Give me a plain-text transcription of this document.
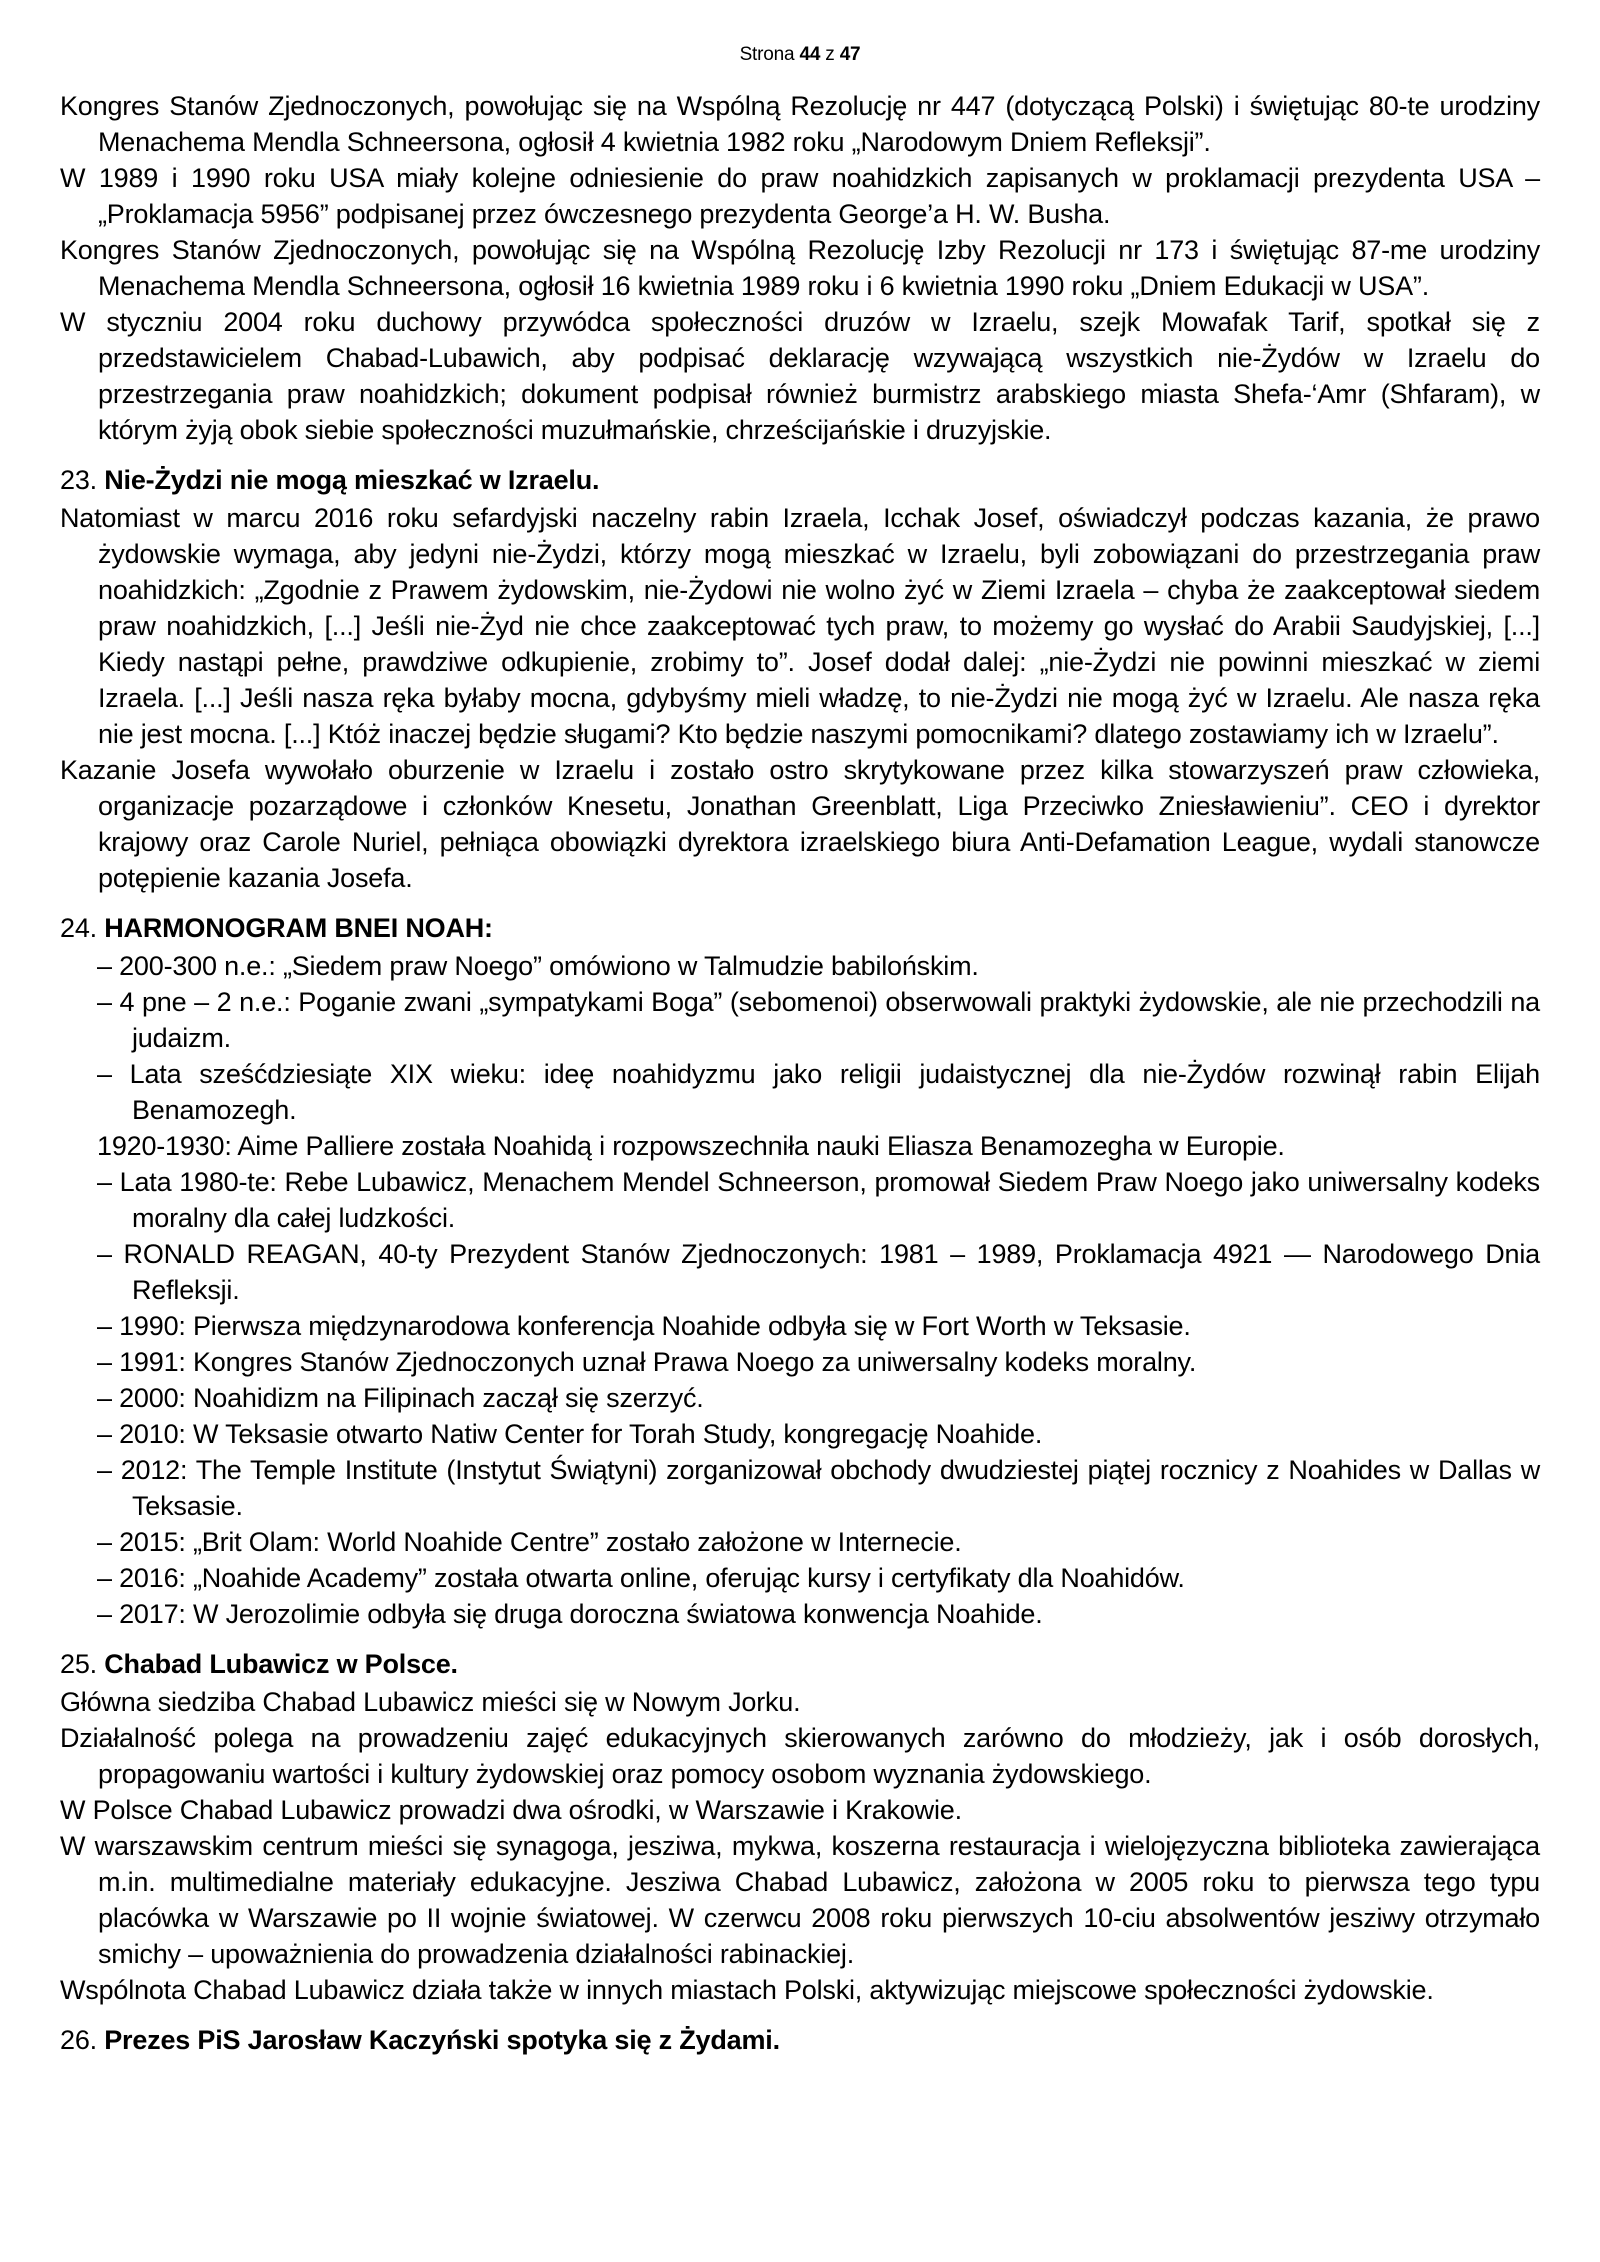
Strona 44 z 47

Kongres Stanów Zjednoczonych, powołując się na Wspólną Rezolucję nr 447 (dotyczącą Polski) i świętując 80-te urodziny Menachema Mendla Schneersona, ogłosił 4 kwietnia 1982 roku „Narodowym Dniem Refleksji”.

W 1989 i 1990 roku USA miały kolejne odniesienie do praw noahidzkich zapisanych w proklamacji prezydenta USA – „Proklamacja 5956” podpisanej przez ówczesnego prezydenta George’a H. W. Busha.

Kongres Stanów Zjednoczonych, powołując się na Wspólną Rezolucję Izby Rezolucji nr 173 i świętując 87-me urodziny Menachema Mendla Schneersona, ogłosił 16 kwietnia 1989 roku i 6 kwietnia 1990 roku „Dniem Edukacji w USA”.

W styczniu 2004 roku duchowy przywódca społeczności druzów w Izraelu, szejk Mowafak Tarif, spotkał się z przedstawicielem Chabad-Lubawich, aby podpisać deklarację wzywającą wszystkich nie-Żydów w Izraelu do przestrzegania praw noahidzkich; dokument podpisał również burmistrz arabskiego miasta Shefa-‘Amr (Shfaram), w którym żyją obok siebie społeczności muzułmańskie, chrześcijańskie i druzyjskie.

23. Nie-Żydzi nie mogą mieszkać w Izraelu.

Natomiast w marcu 2016 roku sefardyjski naczelny rabin Izraela, Icchak Josef, oświadczył podczas kazania, że prawo żydowskie wymaga, aby jedyni nie-Żydzi, którzy mogą mieszkać w Izraelu, byli zobowiązani do przestrzegania praw noahidzkich: „Zgodnie z Prawem żydowskim, nie-Żydowi nie wolno żyć w Ziemi Izraela – chyba że zaakceptował siedem praw noahidzkich, [...] Jeśli nie-Żyd nie chce zaakceptować tych praw, to możemy go wysłać do Arabii Saudyjskiej, [...] Kiedy nastąpi pełne, prawdziwe odkupienie, zrobimy to”. Josef dodał dalej: „nie-Żydzi nie powinni mieszkać w ziemi Izraela. [...] Jeśli nasza ręka byłaby mocna, gdybyśmy mieli władzę, to nie-Żydzi nie mogą żyć w Izraelu. Ale nasza ręka nie jest mocna. [...] Któż inaczej będzie sługami? Kto będzie naszymi pomocnikami? dlatego zostawiamy ich w Izraelu”.

Kazanie Josefa wywołało oburzenie w Izraelu i zostało ostro skrytykowane przez kilka stowarzyszeń praw człowieka, organizacje pozarządowe i członków Knesetu, Jonathan Greenblatt, Liga Przeciwko Zniesławieniu”. CEO i dyrektor krajowy oraz Carole Nuriel, pełniąca obowiązki dyrektora izraelskiego biura Anti-Defamation League, wydali stanowcze potępienie kazania Josefa.

24. HARMONOGRAM BNEI NOAH:

– 200-300 n.e.: „Siedem praw Noego” omówiono w Talmudzie babilońskim.

– 4 pne – 2 n.e.: Poganie zwani „sympatykami Boga” (sebomenoi) obserwowali praktyki żydowskie, ale nie przechodzili na judaizm.

– Lata sześćdziesiąte XIX wieku: ideę noahidyzmu jako religii judaistycznej dla nie-Żydów rozwinął rabin Elijah Benamozegh.

1920-1930: Aime Palliere została Noahidą i rozpowszechniła nauki Eliasza Benamozegha w Europie.

– Lata 1980-te: Rebe Lubawicz, Menachem Mendel Schneerson, promował Siedem Praw Noego jako uniwersalny kodeks moralny dla całej ludzkości.

– RONALD REAGAN, 40-ty Prezydent Stanów Zjednoczonych: 1981 – 1989, Proklamacja 4921 — Narodowego Dnia Refleksji.

– 1990: Pierwsza międzynarodowa konferencja Noahide odbyła się w Fort Worth w Teksasie.

– 1991: Kongres Stanów Zjednoczonych uznał Prawa Noego za uniwersalny kodeks moralny.

– 2000: Noahidizm na Filipinach zaczął się szerzyć.

– 2010: W Teksasie otwarto Natiw Center for Torah Study, kongregację Noahide.

– 2012: The Temple Institute (Instytut Świątyni) zorganizował obchody dwudziestej piątej rocznicy z Noahides w Dallas w Teksasie.

– 2015: „Brit Olam: World Noahide Centre” zostało założone w Internecie.

– 2016: „Noahide Academy” została otwarta online, oferując kursy i certyfikaty dla Noahidów.

– 2017: W Jerozolimie odbyła się druga doroczna światowa konwencja Noahide.

25. Chabad Lubawicz w Polsce.

Główna siedziba Chabad Lubawicz mieści się w Nowym Jorku.

Działalność polega na prowadzeniu zajęć edukacyjnych skierowanych zarówno do młodzieży, jak i osób dorosłych, propagowaniu wartości i kultury żydowskiej oraz pomocy osobom wyznania żydowskiego.

W Polsce Chabad Lubawicz prowadzi dwa ośrodki, w Warszawie i Krakowie.

W warszawskim centrum mieści się synagoga, jesziwa, mykwa, koszerna restauracja i wielojęzyczna biblioteka zawierająca m.in. multimedialne materiały edukacyjne. Jesziwa Chabad Lubawicz, założona w 2005 roku to pierwsza tego typu placówka w Warszawie po II wojnie światowej. W czerwcu 2008 roku pierwszych 10-ciu absolwentów jesziwy otrzymało smichy – upoważnienia do prowadzenia działalności rabinackiej.

Wspólnota Chabad Lubawicz działa także w innych miastach Polski, aktywizując miejscowe społeczności żydowskie.

26. Prezes PiS Jarosław Kaczyński spotyka się z Żydami.
